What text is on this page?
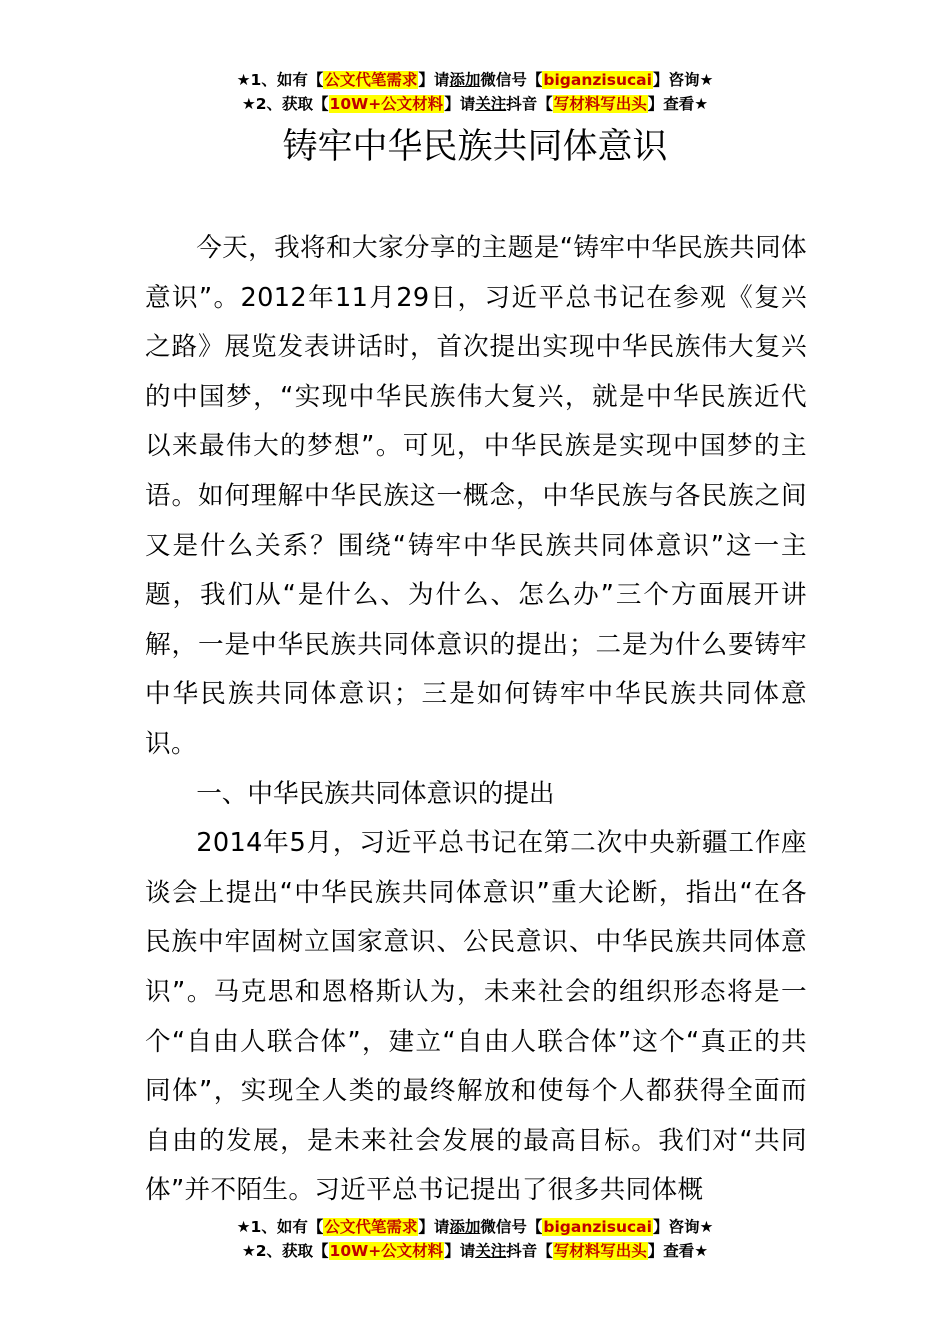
★1、如有【公文代笔需求】请添加微信号【biganzisucai】咨询★
★2、获取【10W+公文材料】请关注抖音【写材料写出头】查看★
铸牢中华民族共同体意识

今天，我将和大家分享的主题是“铸牢中华民族共同体意识”。2012年11月29日，习近平总书记在参观《复兴之路》展览发表讲话时，首次提出实现中华民族伟大复兴的中国梦，“实现中华民族伟大复兴，就是中华民族近代以来最伟大的梦想”。可见，中华民族是实现中国梦的主语。如何理解中华民族这一概念，中华民族与各民族之间又是什么关系？围绕“铸牢中华民族共同体意识”这一主题，我们从“是什么、为什么、怎么办”三个方面展开讲解，一是中华民族共同体意识的提出；二是为什么要铸牢中华民族共同体意识；三是如何铸牢中华民族共同体意识。

一、中华民族共同体意识的提出

2014年5月，习近平总书记在第二次中央新疆工作座谈会上提出“中华民族共同体意识”重大论断，指出“在各民族中牢固树立国家意识、公民意识、中华民族共同体意识”。马克思和恩格斯认为，未来社会的组织形态将是一个“自由人联合体”，建立“自由人联合体”这个“真正的共同体”，实现全人类的最终解放和使每个人都获得全面而自由的发展，是未来社会发展的最高目标。我们对“共同体”并不陌生。习近平总书记提出了很多共同体概

★1、如有【公文代笔需求】请添加微信号【biganzisucai】咨询★
★2、获取【10W+公文材料】请关注抖音【写材料写出头】查看★
